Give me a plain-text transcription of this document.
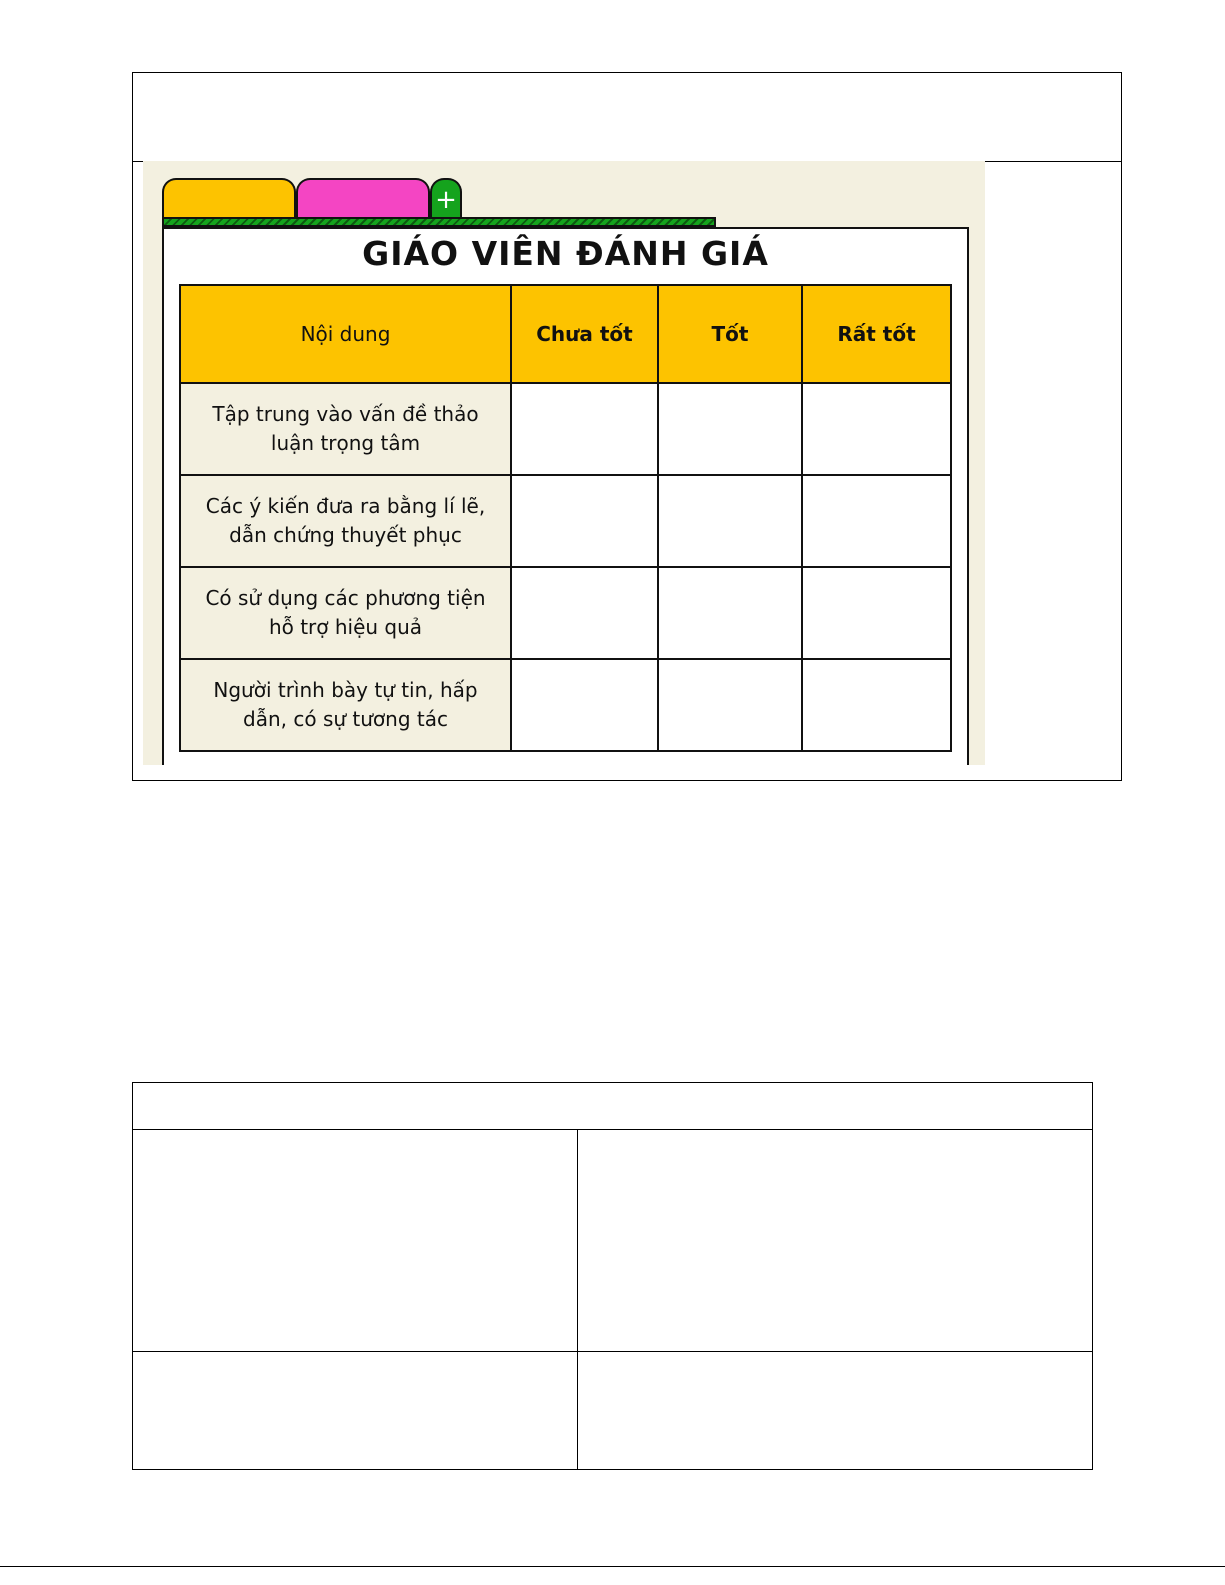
+
GIÁO VIÊN ĐÁNH GIÁ
Nội dung	Chưa tốt	Tốt	Rất tốt
Tập trung vào vấn đề thảo luận trọng tâm			
Các ý kiến đưa ra bằng lí lẽ, dẫn chứng thuyết phục			
Có sử dụng các phương tiện hỗ trợ hiệu quả			
Người trình bày tự tin, hấp dẫn, có sự tương tác			
